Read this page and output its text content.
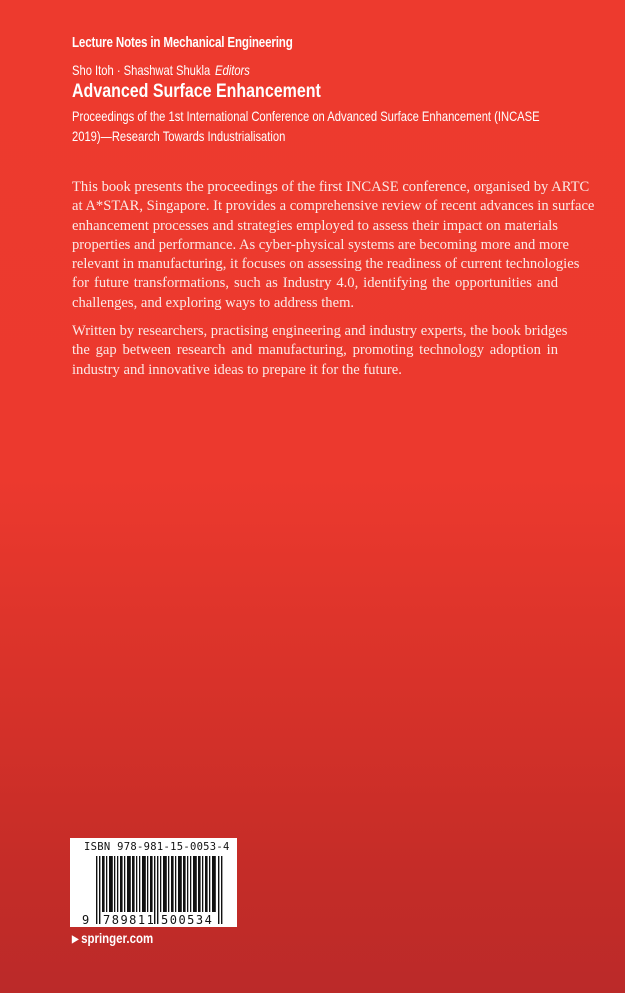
Lecture Notes in Mechanical Engineering
Sho Itoh · Shashwat Shukla Editors
Advanced Surface Enhancement
Proceedings of the 1st International Conference on Advanced Surface Enhancement (INCASE
2019)—Research Towards Industrialisation

This book presents the proceedings of the first INCASE conference, organised by ARTC
at A*STAR, Singapore. It provides a comprehensive review of recent advances in surface
enhancement processes and strategies employed to assess their impact on materials
properties and performance. As cyber-physical systems are becoming more and more
relevant in manufacturing, it focuses on assessing the readiness of current technologies
for future transformations, such as Industry 4.0, identifying the opportunities and
challenges, and exploring ways to address them.

Written by researchers, practising engineering and industry experts, the book bridges
the gap between research and manufacturing, promoting technology adoption in
industry and innovative ideas to prepare it for the future.

ISBN 978-981-15-0053-4
9 789811 500534
▶ springer.com
